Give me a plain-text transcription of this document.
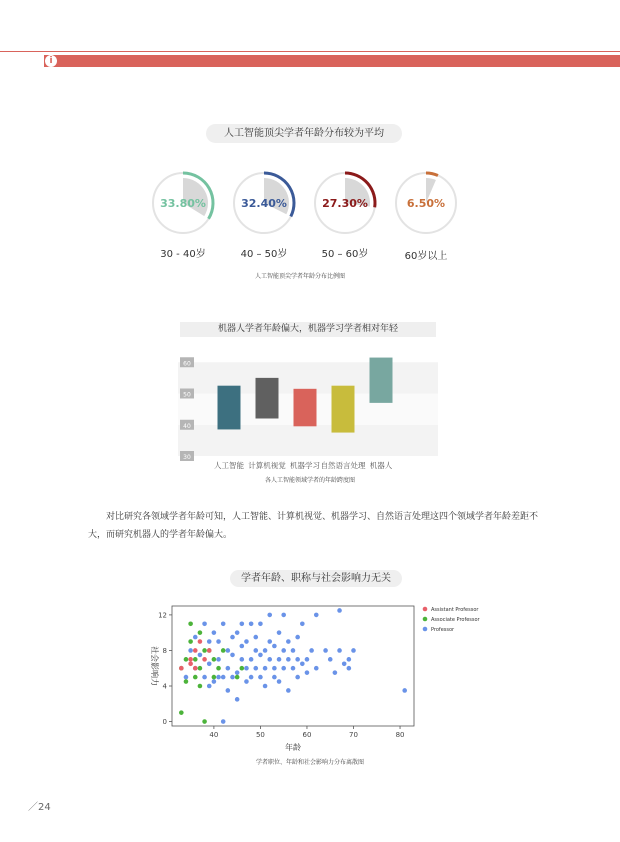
i
人工智能顶尖学者年龄分布较为平均
33.80%	32.40%	27.30%	6.50%
30 - 40岁	40 – 50岁	50 – 60岁	60岁以上
人工智能顶尖学者年龄分布比例图
机器人学者年龄偏大，机器学习学者相对年轻
30
40
50
60
人工智能 计算机视觉 机器学习 自然语言处理 机器人
各人工智能领域学者的年龄跨度图
对比研究各领域学者年龄可知，人工智能、计算机视觉、机器学习、自然语言处理这四个领域学者年龄差距不大，而研究机器人的学者年龄偏大。
学者年龄、职称与社会影响力无关
40	50	60	70	80
0
4
8
12
年龄
社会影响力
Assistant Professor
Associate Professor
Professor
学者职位、年龄和社会影响力分布离散图
／24
